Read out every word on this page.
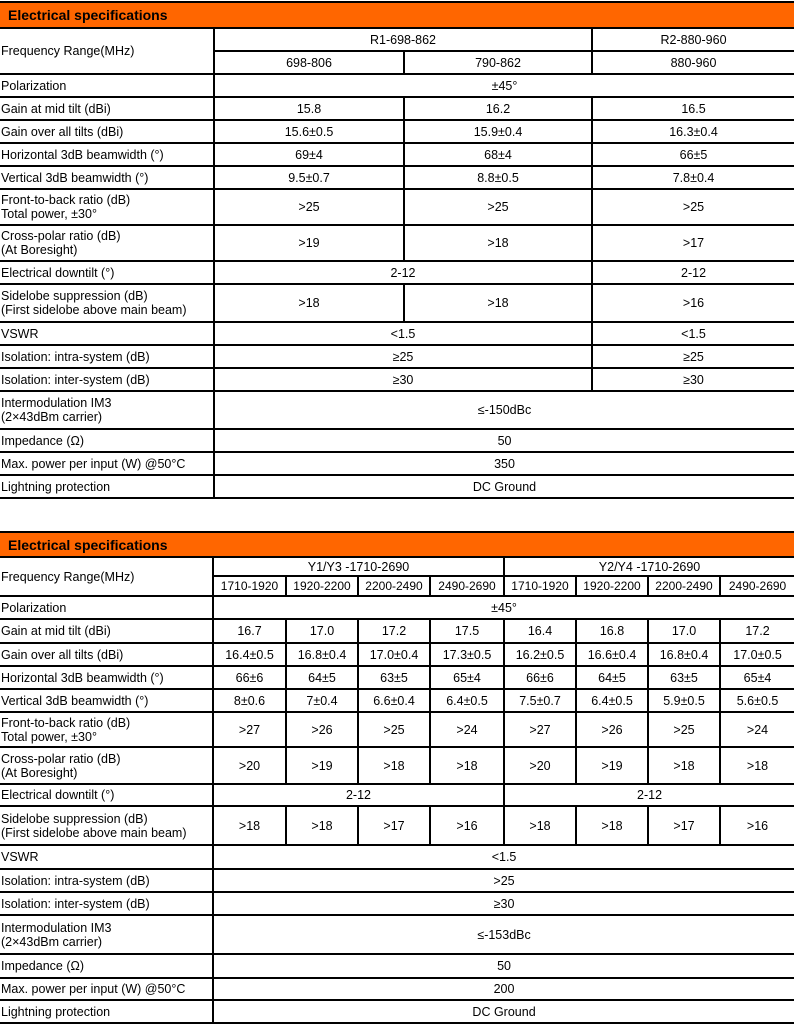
Electrical specifications			
Frequency Range(MHz)	R1-698-862		R2-880-960
	698-806	790-862	880-960
Polarization	±45°		
Gain at mid tilt (dBi)	15.8	16.2	16.5
Gain over all tilts (dBi)	15.6±0.5	15.9±0.4	16.3±0.4
Horizontal 3dB beamwidth (°)	69±4	68±4	66±5
Vertical 3dB beamwidth (°)	9.5±0.7	8.8±0.5	7.8±0.4

Front-to-back ratio (dB)
Total power, ±30°	>25	>25	>25

Cross-polar ratio (dB)
(At Boresight)	>19	>18	>17
Electrical downtilt (°)	2-12		2-12

Sidelobe suppression (dB)
(First sidelobe above main beam)	>18	>18	>16
VSWR	<1.5		<1.5
Isolation: intra-system (dB)	≥25		≥25
Isolation: inter-system (dB)	≥30		≥30

Intermodulation IM3
(2×43dBm carrier)	≤-150dBc		
Impedance (Ω)	50		
Max. power per input (W) @50°C	350		
Lightning protection	DC Ground		
Electrical specifications								
Frequency Range(MHz)	Y1/Y3 -1710-2690				Y2/Y4 -1710-2690			
	1710-1920	1920-2200	2200-2490	2490-2690	1710-1920	1920-2200	2200-2490	2490-2690
Polarization	±45°							
Gain at mid tilt (dBi)	16.7	17.0	17.2	17.5	16.4	16.8	17.0	17.2
Gain over all tilts (dBi)	16.4±0.5	16.8±0.4	17.0±0.4	17.3±0.5	16.2±0.5	16.6±0.4	16.8±0.4	17.0±0.5
Horizontal 3dB beamwidth (°)	66±6	64±5	63±5	65±4	66±6	64±5	63±5	65±4
Vertical 3dB beamwidth (°)	8±0.6	7±0.4	6.6±0.4	6.4±0.5	7.5±0.7	6.4±0.5	5.9±0.5	5.6±0.5

Front-to-back ratio (dB)
Total power, ±30°	>27	>26	>25	>24	>27	>26	>25	>24

Cross-polar ratio (dB)
(At Boresight)	>20	>19	>18	>18	>20	>19	>18	>18
Electrical downtilt (°)	2-12				2-12			

Sidelobe suppression (dB)
(First sidelobe above main beam)	>18	>18	>17	>16	>18	>18	>17	>16
VSWR	<1.5							
Isolation: intra-system (dB)	>25							
Isolation: inter-system (dB)	≥30							

Intermodulation IM3
(2×43dBm carrier)	≤-153dBc							
Impedance (Ω)	50							
Max. power per input (W) @50°C	200							
Lightning protection	DC Ground							
